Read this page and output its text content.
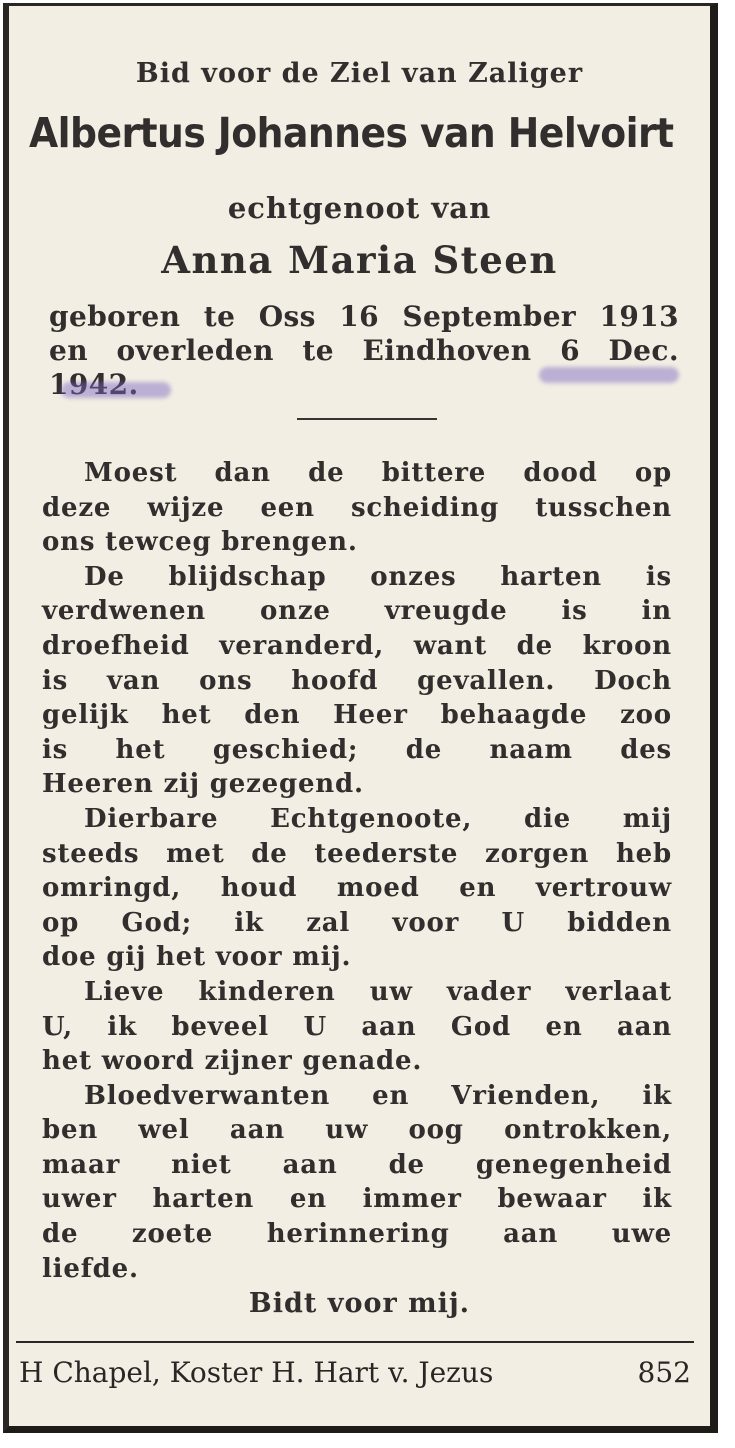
Bid voor de Ziel van Zaliger
Albertus Johannes van Helvoirt
echtgenoot van
Anna Maria Steen
geboren te Oss 16 September 1913
en overleden te Eindhoven 6 Dec.
1942.
Moest dan de bittere dood op
deze wijze een scheiding tusschen
ons tewceg brengen.
De blijdschap onzes harten is
verdwenen onze vreugde is in
droefheid veranderd, want de kroon
is van ons hoofd gevallen. Doch
gelijk het den Heer behaagde zoo
is het geschied; de naam des
Heeren zij gezegend.
Dierbare Echtgenoote, die mij
steeds met de teederste zorgen heb
omringd, houd moed en vertrouw
op God; ik zal voor U bidden
doe gij het voor mij.
Lieve kinderen uw vader verlaat
U, ik beveel U aan God en aan
het woord zijner genade.
Bloedverwanten en Vrienden, ik
ben wel aan uw oog ontrokken,
maar niet aan de genegenheid
uwer harten en immer bewaar ik
de zoete herinnering aan uwe
liefde.
Bidt voor mij.
H Chapel, Koster H. Hart v. Jezus	852
